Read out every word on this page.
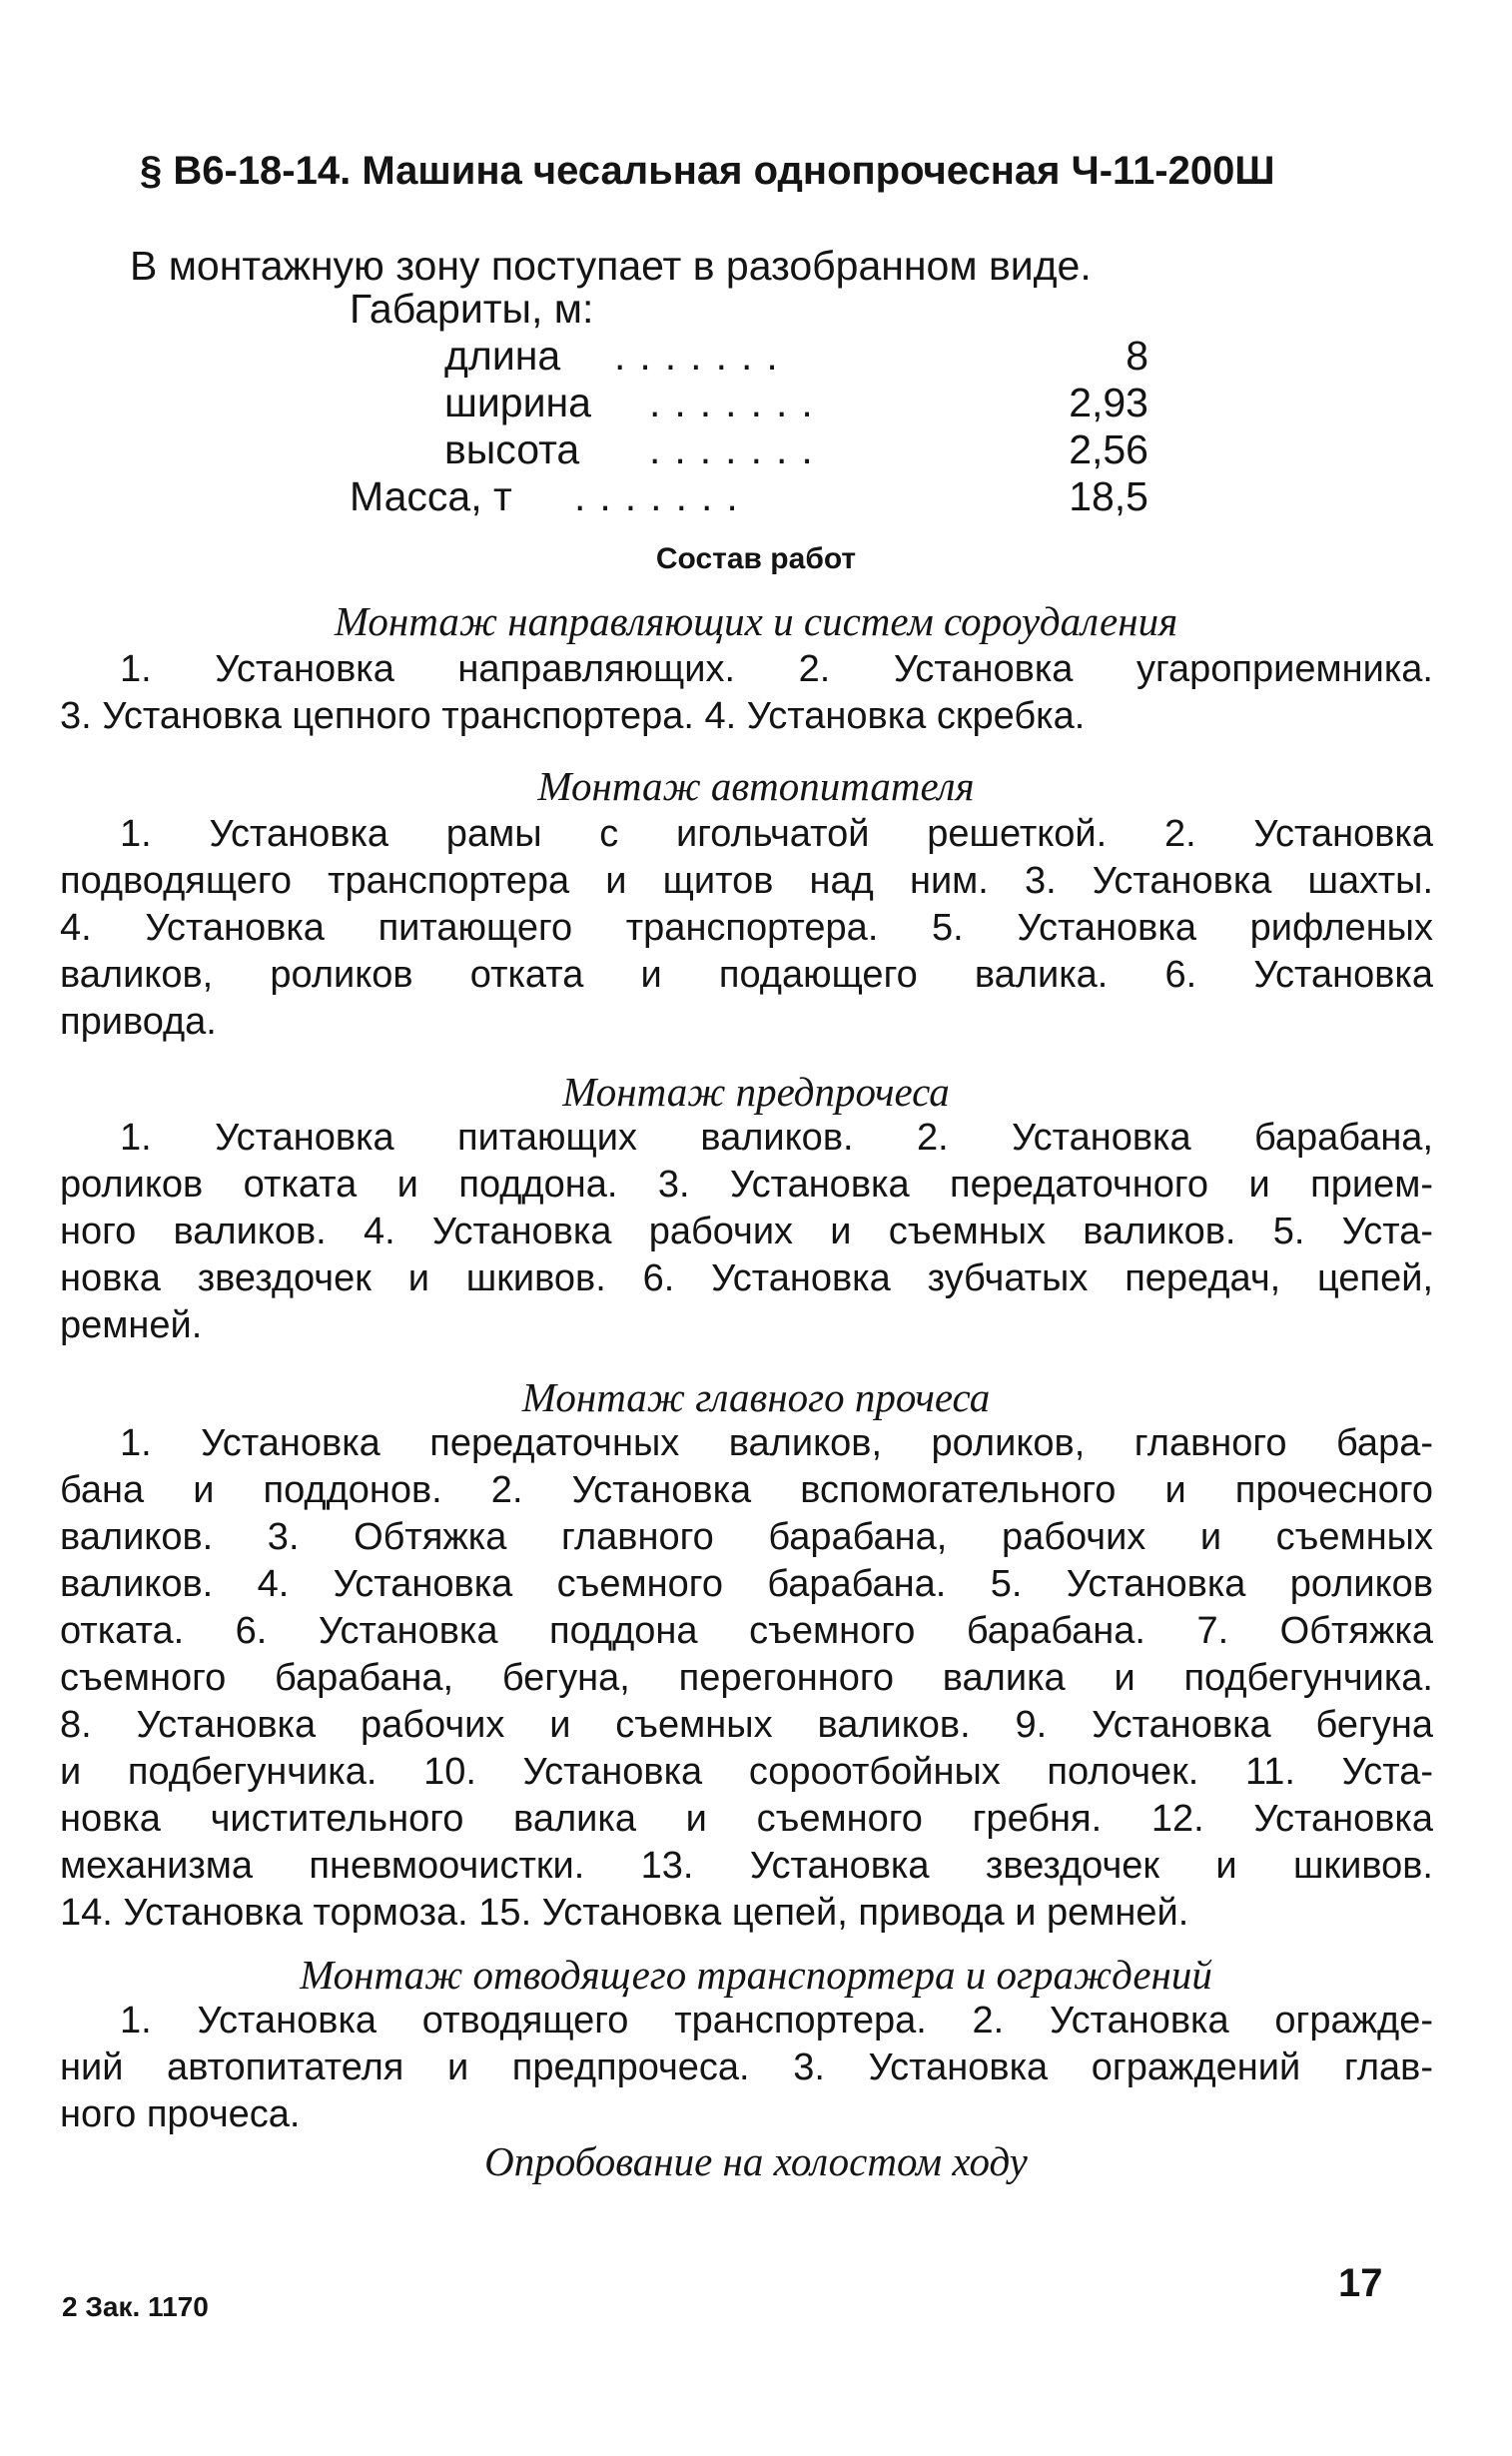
§ В6-18-14. Машина чесальная однопрочесная Ч-11-200Ш
В монтажную зону поступает в разобранном виде.
Габариты, м:
длина .......	8
ширина .......	2,93
высота .......	2,56
Масса, т .......	18,5
Состав работ
Монтаж направляющих и систем сороудаления
1. Установка направляющих. 2. Установка угароприемника.
3. Установка цепного транспортера. 4. Установка скребка.
Монтаж автопитателя
1. Установка рамы с игольчатой решеткой. 2. Установка
подводящего транспортера и щитов над ним. 3. Установка шахты.
4. Установка питающего транспортера. 5. Установка рифленых
валиков, роликов отката и подающего валика. 6. Установка
привода.
Монтаж предпрочеса
1. Установка питающих валиков. 2. Установка барабана,
роликов отката и поддона. 3. Установка передаточного и прием-
ного валиков. 4. Установка рабочих и съемных валиков. 5. Уста-
новка звездочек и шкивов. 6. Установка зубчатых передач, цепей,
ремней.
Монтаж главного прочеса
1. Установка передаточных валиков, роликов, главного бара-
бана и поддонов. 2. Установка вспомогательного и прочесного
валиков. 3. Обтяжка главного барабана, рабочих и съемных
валиков. 4. Установка съемного барабана. 5. Установка роликов
отката. 6. Установка поддона съемного барабана. 7. Обтяжка
съемного барабана, бегуна, перегонного валика и подбегунчика.
8. Установка рабочих и съемных валиков. 9. Установка бегуна
и подбегунчика. 10. Установка сороотбойных полочек. 11. Уста-
новка чистительного валика и съемного гребня. 12. Установка
механизма пневмоочистки. 13. Установка звездочек и шкивов.
14. Установка тормоза. 15. Установка цепей, привода и ремней.
Монтаж отводящего транспортера и ограждений
1. Установка отводящего транспортера. 2. Установка огражде-
ний автопитателя и предпрочеса. 3. Установка ограждений глав-
ного прочеса.
Опробование на холостом ходу
2 Зак. 1170
17
